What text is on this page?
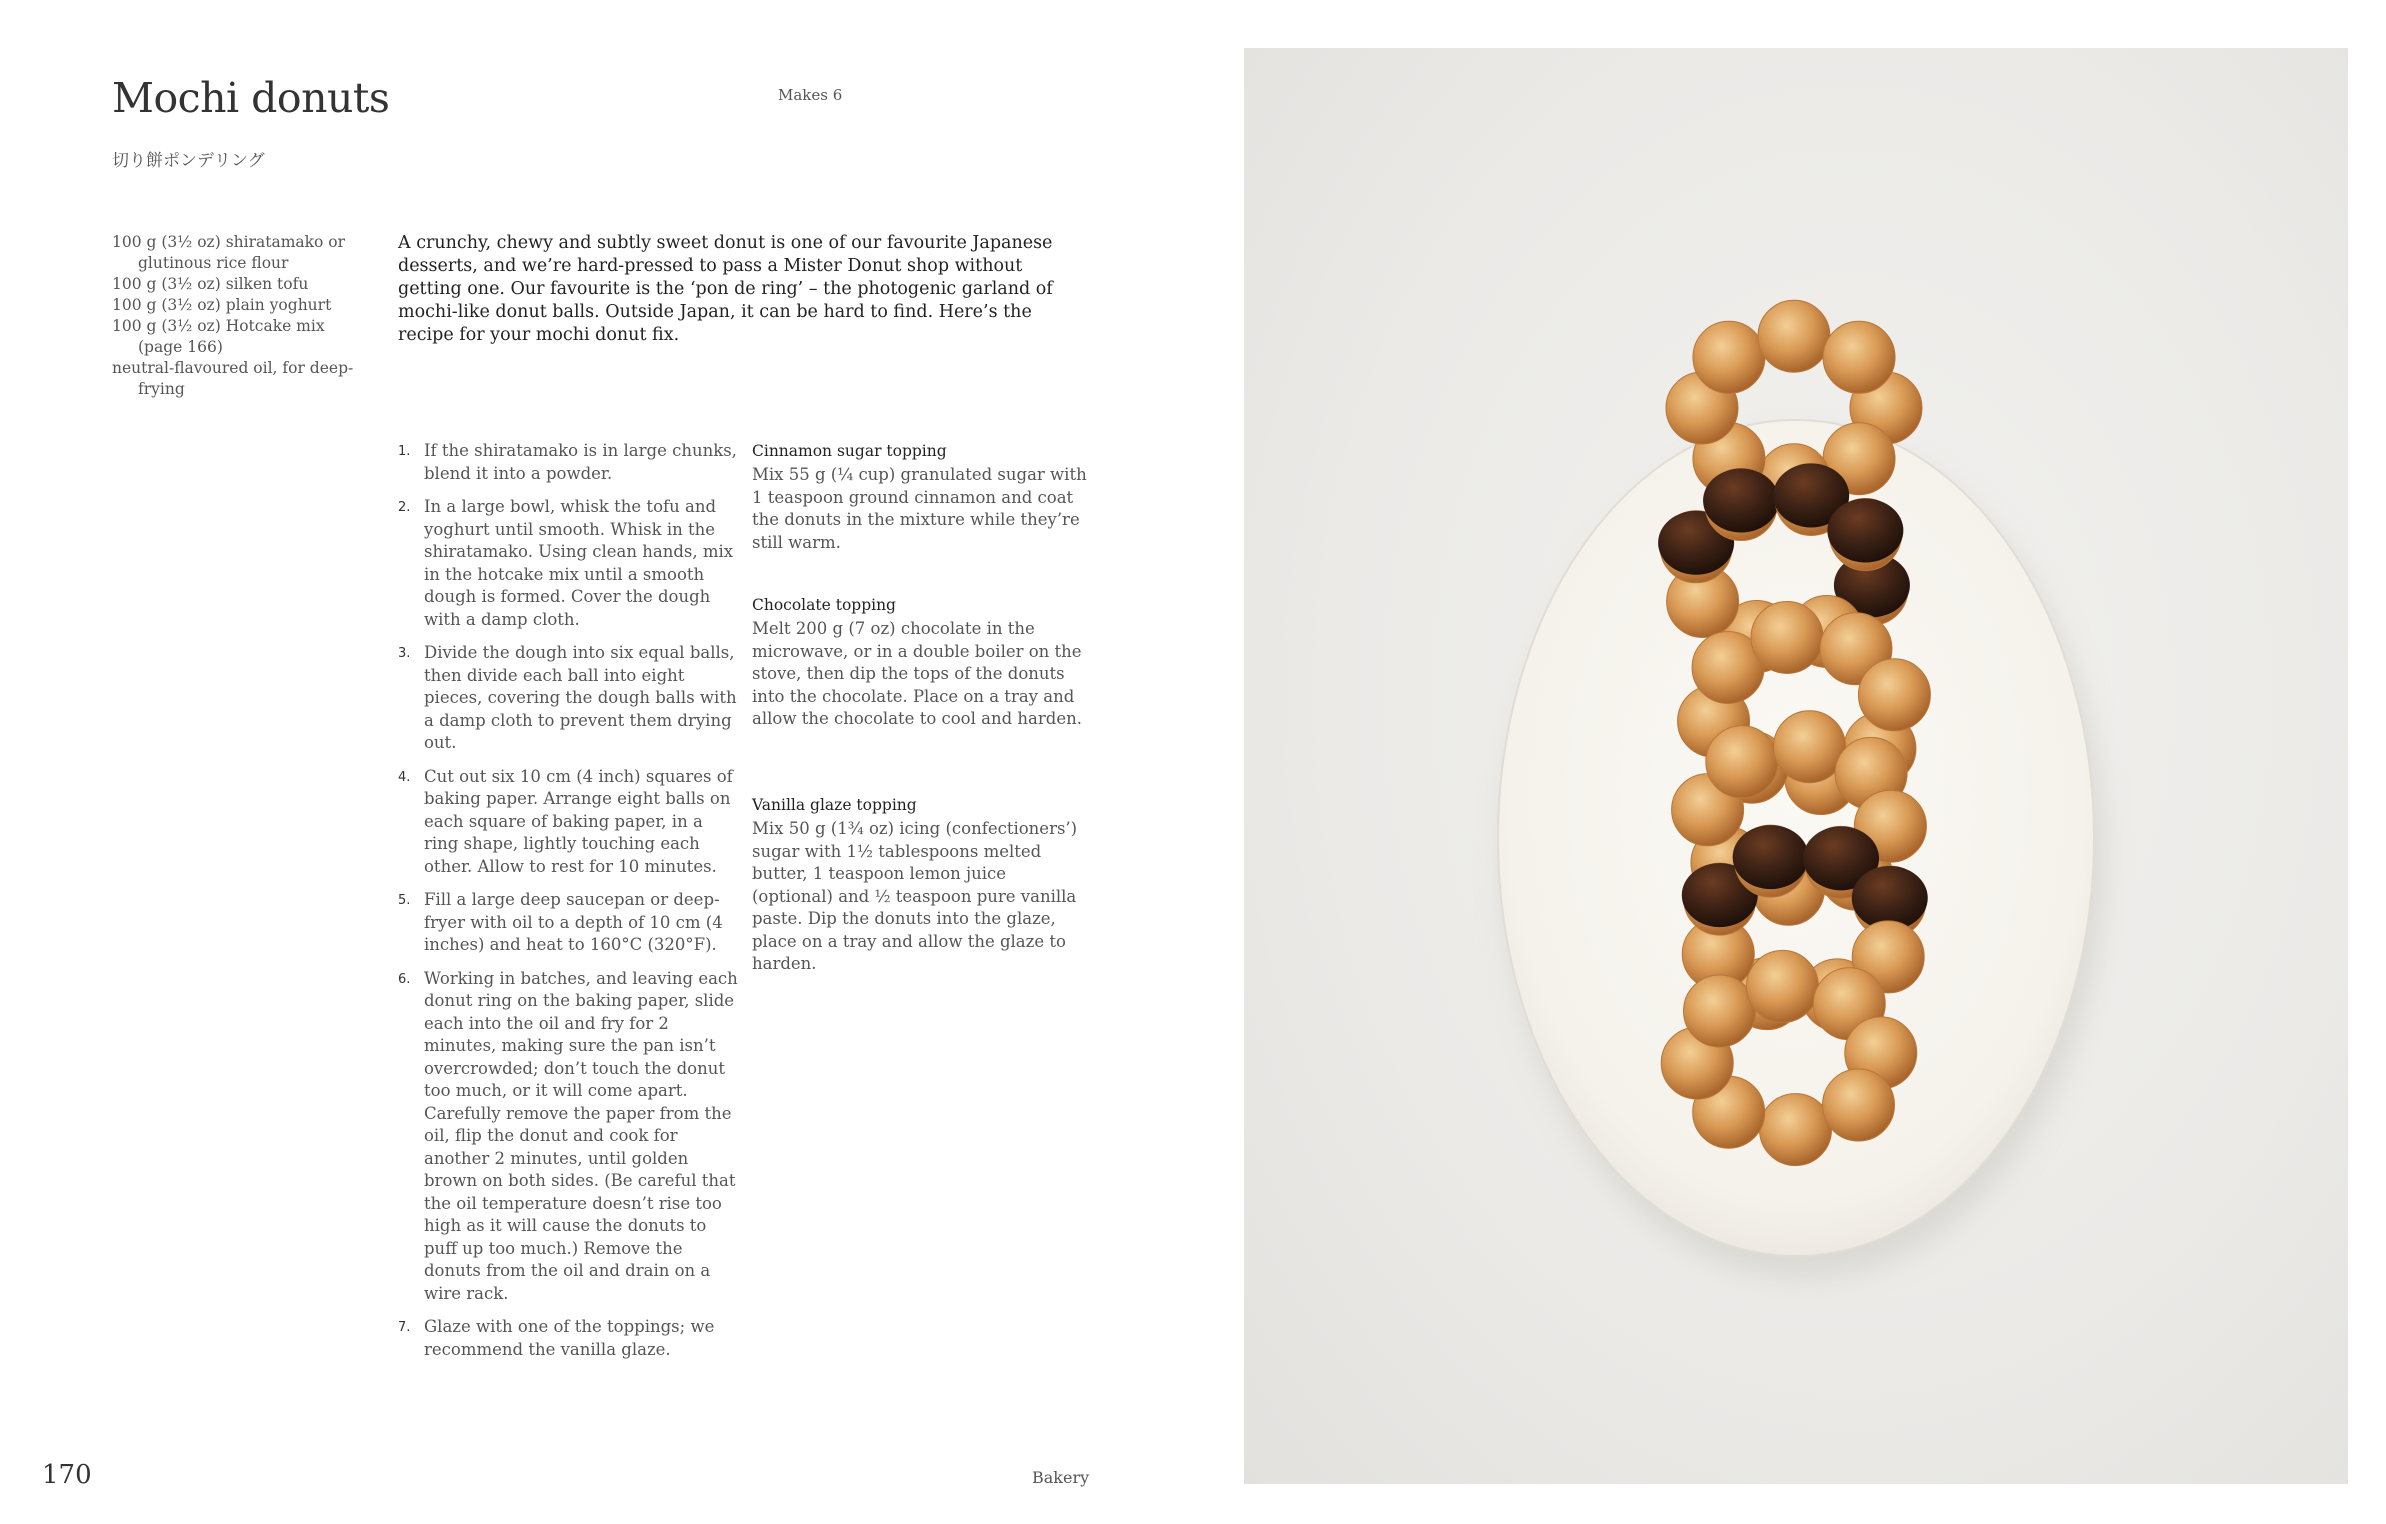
Mochi donuts
切り餅ポンデリング
Makes 6
100 g (3½ oz) shiratamako or glutinous rice flour
100 g (3½ oz) silken tofu
100 g (3½ oz) plain yoghurt
100 g (3½ oz) Hotcake mix (page 166)
neutral-flavoured oil, for deep-frying

A crunchy, chewy and subtly sweet donut is one of our favourite Japanese desserts, and we’re hard-pressed to pass a Mister Donut shop without getting one. Our favourite is the ‘pon de ring’ – the photogenic garland of mochi-like donut balls. Outside Japan, it can be hard to find. Here’s the recipe for your mochi donut fix.

1. If the shiratamako is in large chunks, blend it into a powder.
2. In a large bowl, whisk the tofu and yoghurt until smooth. Whisk in the shiratamako. Using clean hands, mix in the hotcake mix until a smooth dough is formed. Cover the dough with a damp cloth.
3. Divide the dough into six equal balls, then divide each ball into eight pieces, covering the dough balls with a damp cloth to prevent them drying out.
4. Cut out six 10 cm (4 inch) squares of baking paper. Arrange eight balls on each square of baking paper, in a ring shape, lightly touching each other. Allow to rest for 10 minutes.
5. Fill a large deep saucepan or deep-fryer with oil to a depth of 10 cm (4 inches) and heat to 160°C (320°F).
6. Working in batches, and leaving each donut ring on the baking paper, slide each into the oil and fry for 2 minutes, making sure the pan isn’t overcrowded; don’t touch the donut too much, or it will come apart. Carefully remove the paper from the oil, flip the donut and cook for another 2 minutes, until golden brown on both sides. (Be careful that the oil temperature doesn’t rise too high as it will cause the donuts to puff up too much.) Remove the donuts from the oil and drain on a wire rack.
7. Glaze with one of the toppings; we recommend the vanilla glaze.
Cinnamon sugar topping

Mix 55 g (¼ cup) granulated sugar with 1 teaspoon ground cinnamon and coat the donuts in the mixture while they’re still warm.

Chocolate topping

Melt 200 g (7 oz) chocolate in the microwave, or in a double boiler on the stove, then dip the tops of the donuts into the chocolate. Place on a tray and allow the chocolate to cool and harden.

Vanilla glaze topping

Mix 50 g (1¾ oz) icing (confectioners’) sugar with 1½ tablespoons melted butter, 1 teaspoon lemon juice (optional) and ½ teaspoon pure vanilla paste. Dip the donuts into the glaze, place on a tray and allow the glaze to harden.

170	Bakery
